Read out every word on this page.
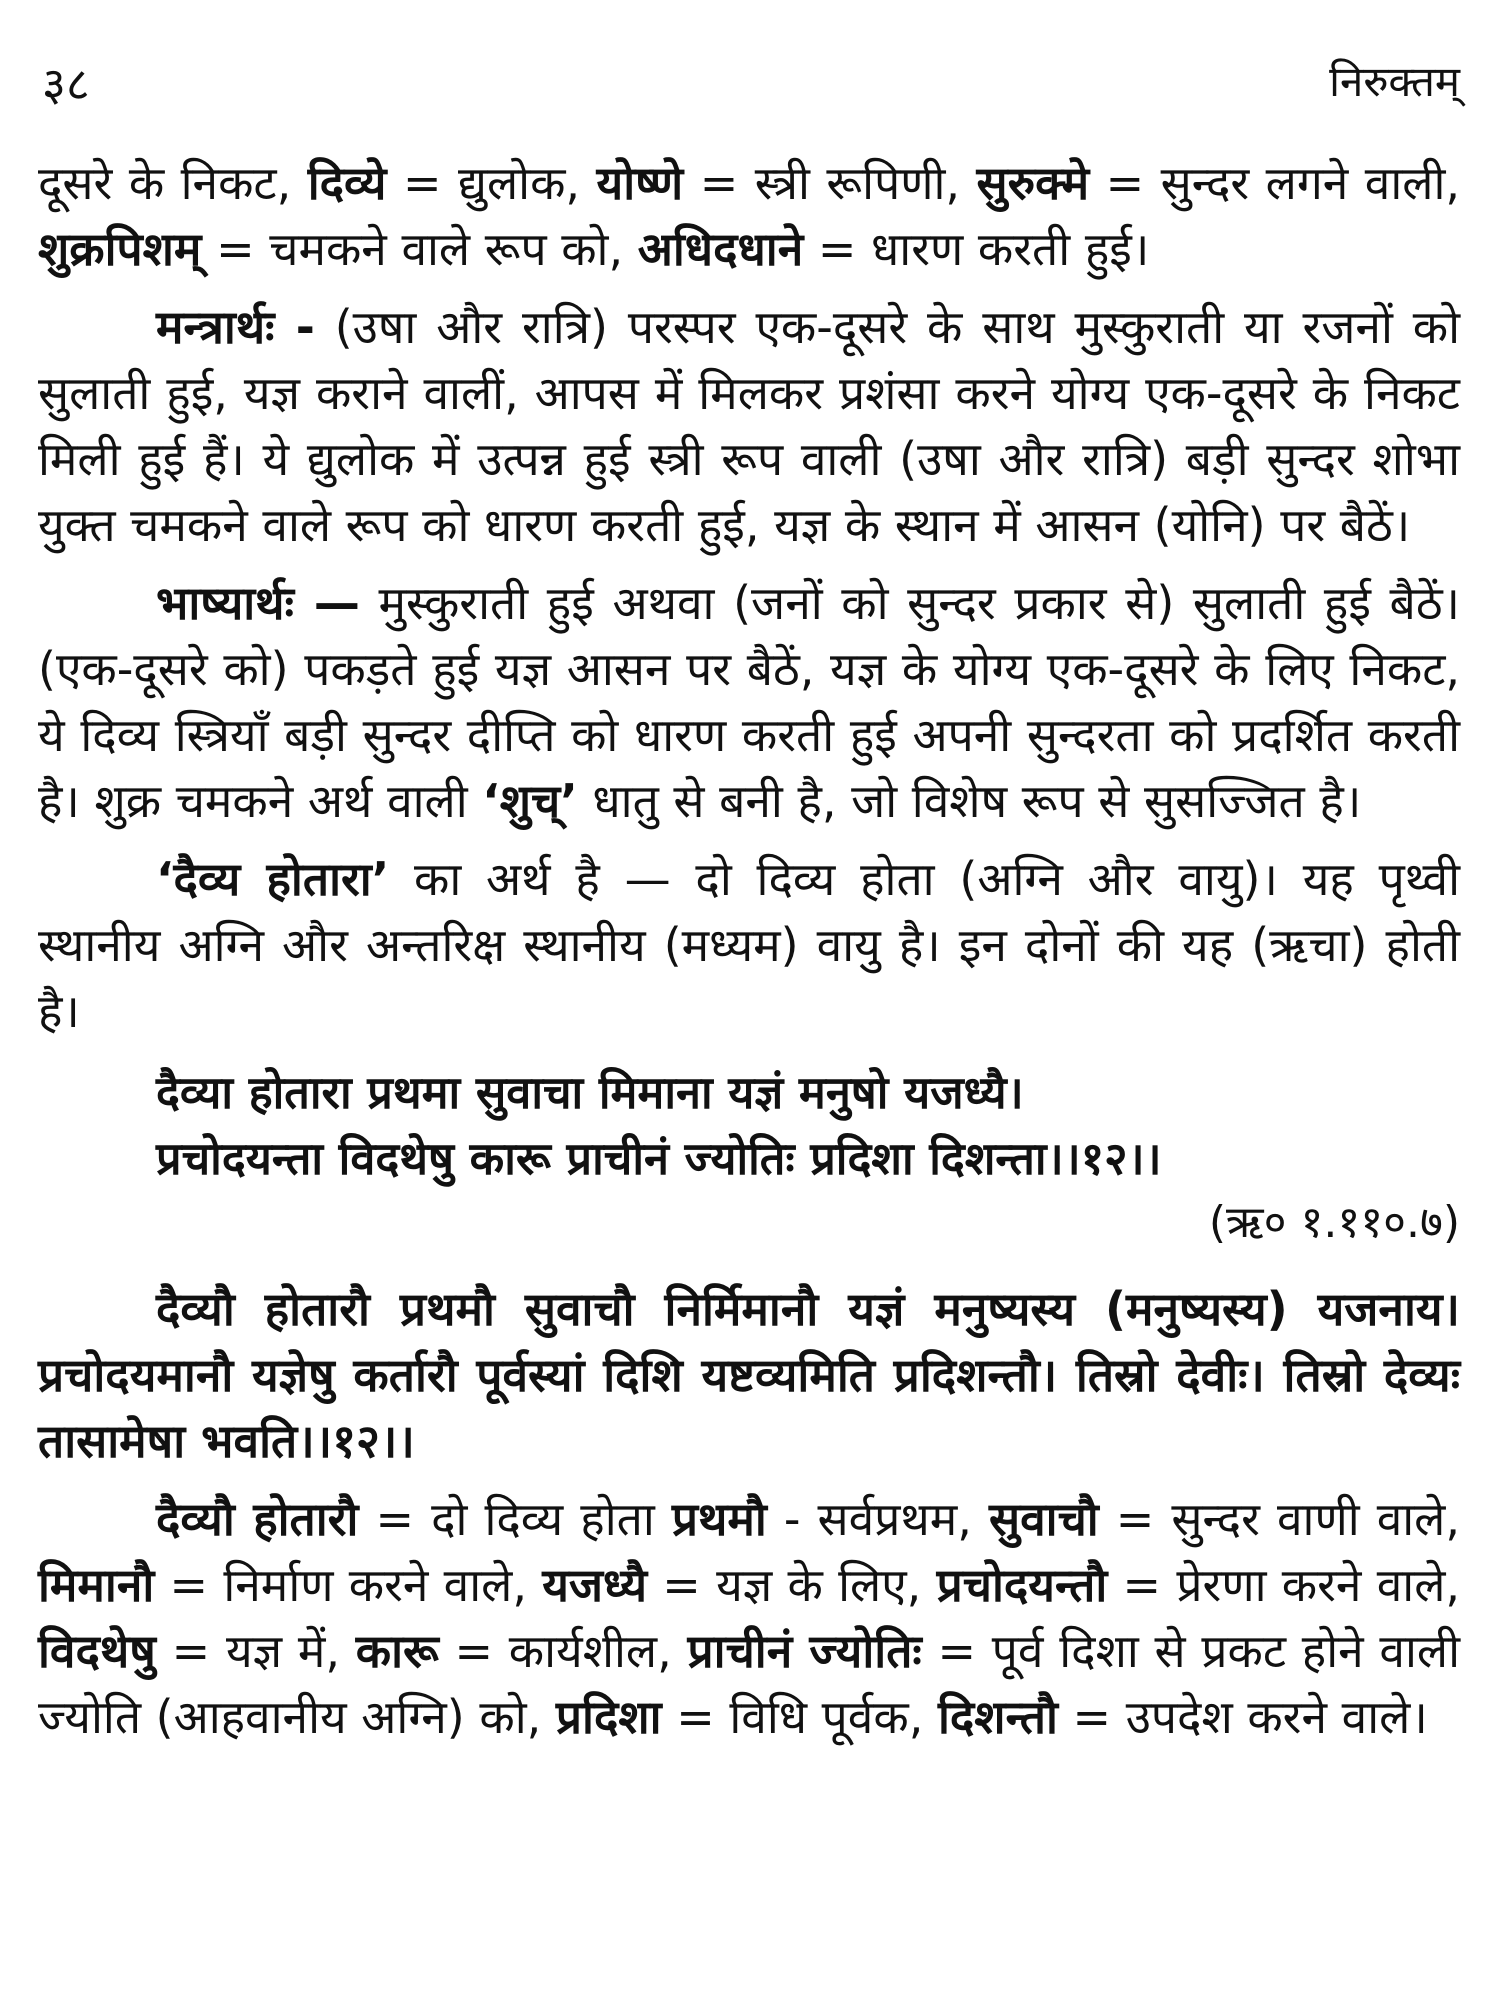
३८	निरुक्तम्

दूसरे के निकट, दिव्ये = द्युलोक, योष्णे = स्त्री रूपिणी, सुरुक्मे = सुन्दर लगने वाली, शुक्रपिशम् = चमकने वाले रूप को, अधिदधाने = धारण करती हुई।

मन्त्रार्थः - (उषा और रात्रि) परस्पर एक-दूसरे के साथ मुस्कुराती या रजनों को सुलाती हुई, यज्ञ कराने वालीं, आपस में मिलकर प्रशंसा करने योग्य एक-दूसरे के निकट मिली हुई हैं। ये द्युलोक में उत्पन्न हुई स्त्री रूप वाली (उषा और रात्रि) बड़ी सुन्दर शोभा युक्त चमकने वाले रूप को धारण करती हुई, यज्ञ के स्थान में आसन (योनि) पर बैठें।

भाष्यार्थः — मुस्कुराती हुई अथवा (जनों को सुन्दर प्रकार से) सुलाती हुई बैठें। (एक-दूसरे को) पकड़ते हुई यज्ञ आसन पर बैठें, यज्ञ के योग्य एक-दूसरे के लिए निकट, ये दिव्य स्त्रियाँ बड़ी सुन्दर दीप्ति को धारण करती हुई अपनी सुन्दरता को प्रदर्शित करती है। शुक्र चमकने अर्थ वाली ‘शुच्’ धातु से बनी है, जो विशेष रूप से सुसज्जित है।

‘दैव्य होतारा’ का अर्थ है — दो दिव्य होता (अग्नि और वायु)। यह पृथ्वी स्थानीय अग्नि और अन्तरिक्ष स्थानीय (मध्यम) वायु है। इन दोनों की यह (ऋचा) होती है।

दैव्या होतारा प्रथमा सुवाचा मिमाना यज्ञं मनुषो यजध्यै।

प्रचोदयन्ता विदथेषु कारू प्राचीनं ज्योतिः प्रदिशा दिशन्ता।।१२।।

(ऋ० १.११०.७)

दैव्यौ होतारौ प्रथमौ सुवाचौ निर्मिमानौ यज्ञं मनुष्यस्य (मनुष्यस्य) यजनाय। प्रचोदयमानौ यज्ञेषु कर्तारौ पूर्वस्यां दिशि यष्टव्यमिति प्रदिशन्तौ। तिस्रो देवीः। तिस्रो देव्यः तासामेषा भवति।।१२।।

दैव्यौ होतारौ = दो दिव्य होता प्रथमौ - सर्वप्रथम, सुवाचौ = सुन्दर वाणी वाले, मिमानौ = निर्माण करने वाले, यजध्यै = यज्ञ के लिए, प्रचोदयन्तौ = प्रेरणा करने वाले, विदथेषु = यज्ञ में, कारू = कार्यशील, प्राचीनं ज्योतिः = पूर्व दिशा से प्रकट होने वाली ज्योति (आहवानीय अग्नि) को, प्रदिशा = विधि पूर्वक, दिशन्तौ = उपदेश करने वाले।
